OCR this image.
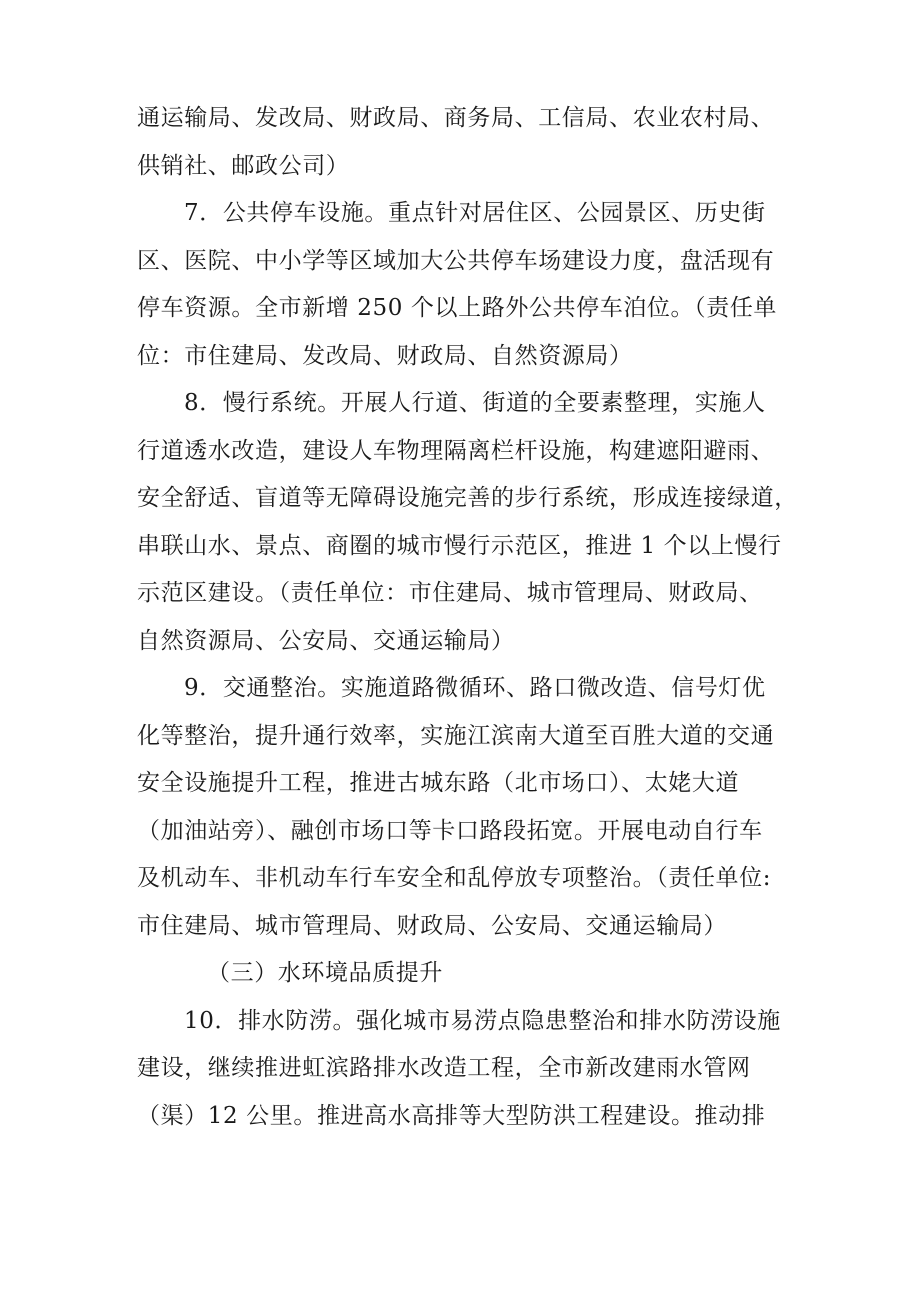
通运输局、发改局、财政局、商务局、工信局、农业农村局、
供销社、邮政公司）
7．公共停车设施。重点针对居住区、公园景区、历史街
区、医院、中小学等区域加大公共停车场建设力度，盘活现有
停车资源。全市新增 250 个以上路外公共停车泊位。（责任单
位：市住建局、发改局、财政局、自然资源局）
8．慢行系统。开展人行道、街道的全要素整理，实施人
行道透水改造，建设人车物理隔离栏杆设施，构建遮阳避雨、
安全舒适、盲道等无障碍设施完善的步行系统，形成连接绿道，
串联山水、景点、商圈的城市慢行示范区，推进 1 个以上慢行
示范区建设。（责任单位：市住建局、城市管理局、财政局、
自然资源局、公安局、交通运输局）
9．交通整治。实施道路微循环、路口微改造、信号灯优
化等整治，提升通行效率，实施江滨南大道至百胜大道的交通
安全设施提升工程，推进古城东路（北市场口）、太姥大道
（加油站旁）、融创市场口等卡口路段拓宽。开展电动自行车
及机动车、非机动车行车安全和乱停放专项整治。（责任单位:
市住建局、城市管理局、财政局、公安局、交通运输局）
（三）水环境品质提升
10．排水防涝。强化城市易涝点隐患整治和排水防涝设施
建设，继续推进虹滨路排水改造工程，全市新改建雨水管网
（渠）12 公里。推进高水高排等大型防洪工程建设。推动排
